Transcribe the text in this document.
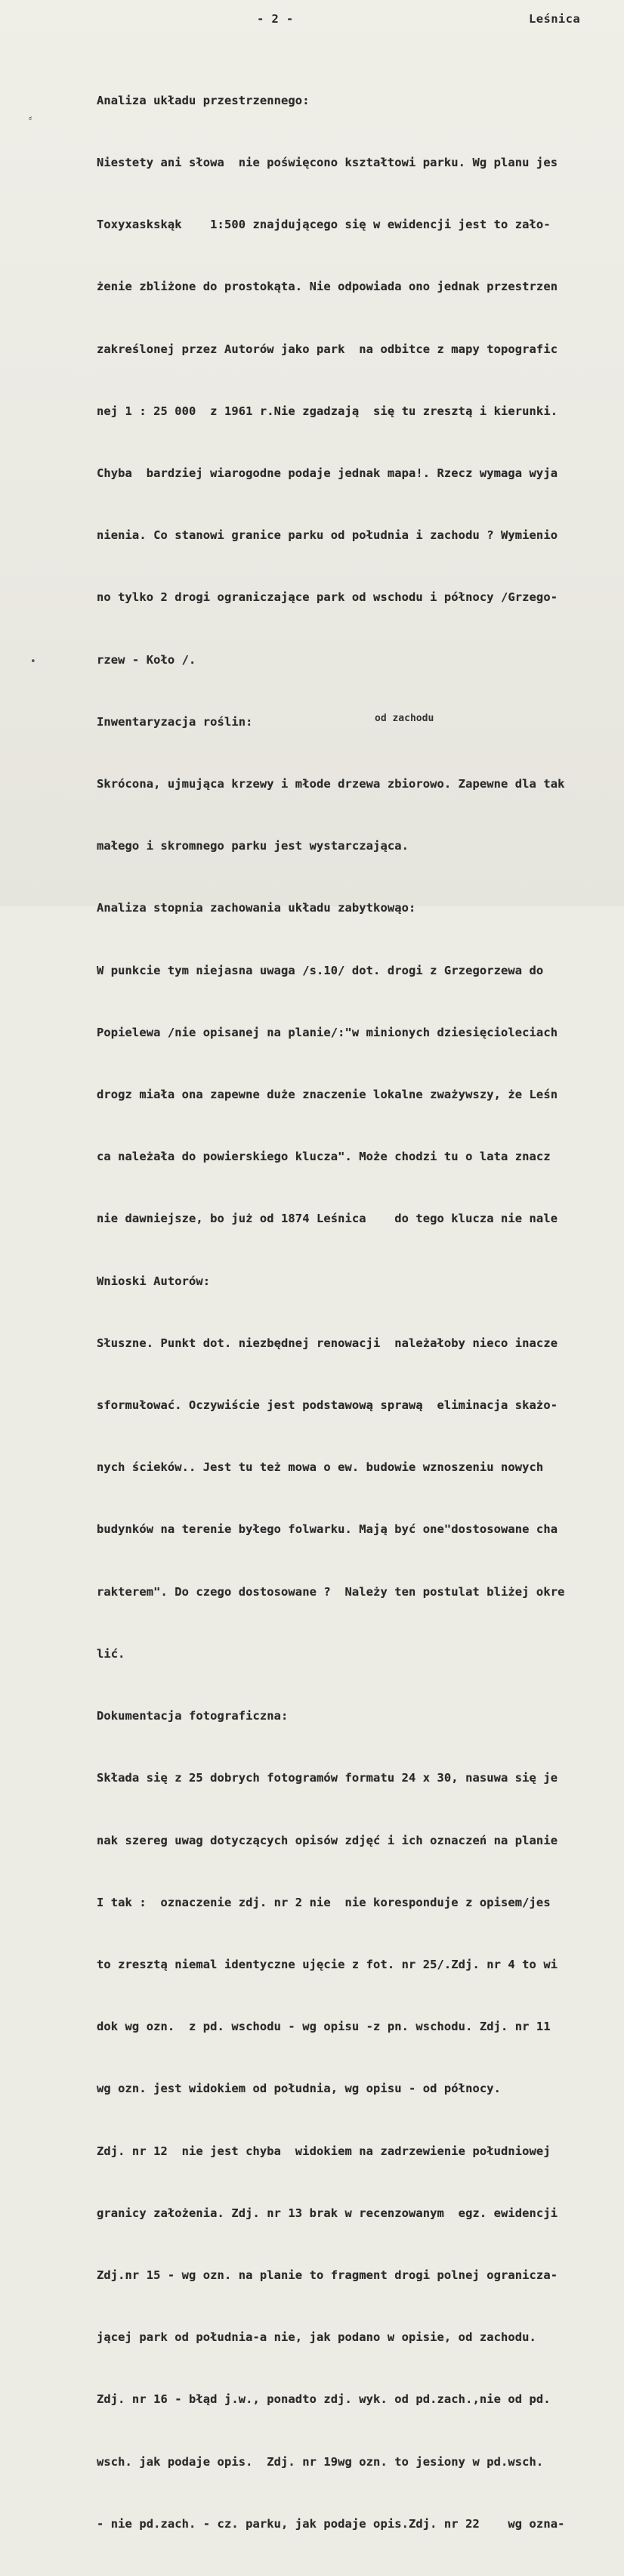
- 2 -	Leśnica
⸗
•

Analiza układu przestrzennego:

Niestety ani słowa  nie poświęcono kształtowi parku. Wg planu jes

Toxyxaskskąk    1:500 znajdującego się w ewidencji jest to zało-

żenie zbliżone do prostokąta. Nie odpowiada ono jednak przestrzen

zakreślonej przez Autorów jako park  na odbitce z mapy topografic

nej 1 : 25 000  z 1961 r.Nie zgadzają  się tu zresztą i kierunki.

Chyba  bardziej wiarogodne podaje jednak mapa!. Rzecz wymaga wyja

nienia. Co stanowi granice parku od południa i zachodu ? Wymienio

no tylko 2 drogi ograniczające park od wschodu i północy /Grzego-

rzew - Koło /.

Inwentaryzacja roślin:

Skrócona, ujmująca krzewy i młode drzewa zbiorowo. Zapewne dla tak

małego i skromnego parku jest wystarczająca.

Analiza stopnia zachowania układu zabytkowąo:

W punkcie tym niejasna uwaga /s.10/ dot. drogi z Grzegorzewa do

Popielewa /nie opisanej na planie/:"w minionych dziesięcioleciach

drogz miała ona zapewne duże znaczenie lokalne zważywszy, że Leśn

ca należała do powierskiego klucza". Może chodzi tu o lata znacz

nie dawniejsze, bo już od 1874 Leśnica    do tego klucza nie nale

Wnioski Autorów:

Słuszne. Punkt dot. niezbędnej renowacji  należałoby nieco inacze

sformułować. Oczywiście jest podstawową sprawą  eliminacja skażo-

nych ścieków.. Jest tu też mowa o ew. budowie wznoszeniu nowych

budynków na terenie byłego folwarku. Mają być one"dostosowane cha

rakterem". Do czego dostosowane ?  Należy ten postulat bliżej okre

lić.

Dokumentacja fotograficzna:

Składa się z 25 dobrych fotogramów formatu 24 x 30, nasuwa się je

nak szereg uwag dotyczących opisów zdjęć i ich oznaczeń na planie

I tak :  oznaczenie zdj. nr 2 nie  nie koresponduje z opisem/jes

to zresztą niemal identyczne ujęcie z fot. nr 25/.Zdj. nr 4 to wi

dok wg ozn.  z pd. wschodu - wg opisu -z pn. wschodu. Zdj. nr 11

wg ozn. jest widokiem od południa, wg opisu - od północy.

Zdj. nr 12  nie jest chyba  widokiem na zadrzewienie południowej

granicy założenia. Zdj. nr 13 brak w recenzowanym  egz. ewidencji

Zdj.nr 15 - wg ozn. na planie to fragment drogi polnej ogranicza-

jącej park od południa-a nie, jak podano w opisie, od zachodu.

Zdj. nr 16 - błąd j.w., ponadto zdj. wyk. od pd.zach.,nie od pd.

wsch. jak podaje opis.  Zdj. nr 19wg ozn. to jesiony w pd.wsch.

- nie pd.zach. - cz. parku, jak podaje opis.Zdj. nr 22    wg ozna-

od zachodu
